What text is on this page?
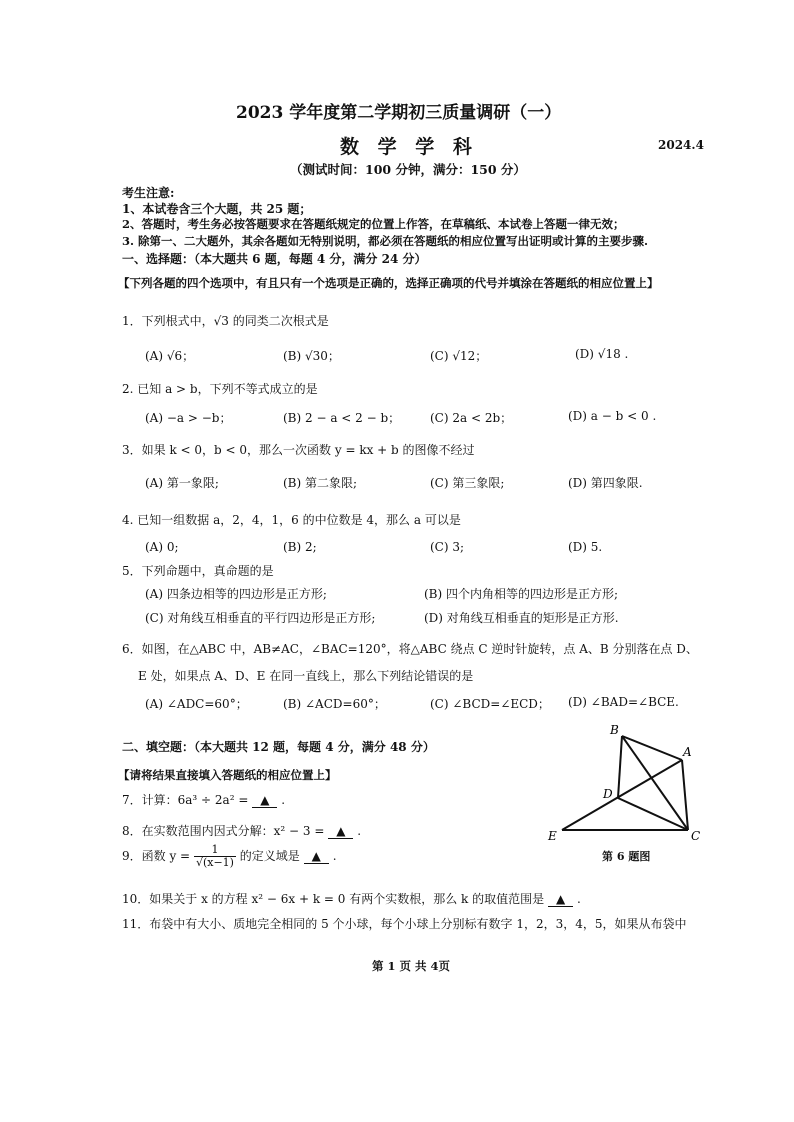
2023 学年度第二学期初三质量调研（一）
数 学 学 科	2024.4
（测试时间：100 分钟，满分：150 分）
考生注意:
1、本试卷含三个大题，共 25 题；
2、答题时，考生务必按答题要求在答题纸规定的位置上作答，在草稿纸、本试卷上答题一律无效；
3. 除第一、二大题外，其余各题如无特别说明，都必须在答题纸的相应位置写出证明或计算的主要步骤.
一、选择题：（本大题共 6 题，每题 4 分，满分 24 分）
【下列各题的四个选项中，有且只有一个选项是正确的，选择正确项的代号并填涂在答题纸的相应位置上】
1．下列根式中，√3 的同类二次根式是
(A) √6；	(B) √30；	(C) √12；	(D) √18 .
2. 已知 a > b，下列不等式成立的是
(A) −a > −b；	(B) 2 − a < 2 − b； (C) 2a < 2b；	(D) a − b < 0 .
3．如果 k < 0，b < 0，那么一次函数 y = kx + b 的图像不经过
(A) 第一象限;	(B) 第二象限;	(C) 第三象限;	(D) 第四象限.
4. 已知一组数据 a，2，4，1，6 的中位数是 4，那么 a 可以是
(A) 0;	(B) 2;	(C) 3;	(D) 5.
5．下列命题中，真命题的是
(A) 四条边相等的四边形是正方形;	(B) 四个内角相等的四边形是正方形;
(C) 对角线互相垂直的平行四边形是正方形;	(D) 对角线互相垂直的矩形是正方形.
6．如图，在△ABC 中，AB≠AC，∠BAC=120°，将△ABC 绕点 C 逆时针旋转，点 A、B 分别落在点 D、
E 处，如果点 A、D、E 在同一直线上，那么下列结论错误的是
(A) ∠ADC=60°；	(B) ∠ACD=60°；	(C) ∠BCD=∠ECD； (D) ∠BAD=∠BCE.
二、填空题：（本大题共 12 题，每题 4 分，满分 48 分）
【请将结果直接填入答题纸的相应位置上】
7．计算：6a³ ÷ 2a² = ▲ .
8．在实数范围内因式分解：x² − 3 = ▲ .
9．函数 $y = \frac{1}{√(x-1)}$ 的定义域是 ▲ .
10．如果关于 x 的方程 x² − 6x + k = 0 有两个实数根，那么 k 的取值范围是 ▲ .
11．布袋中有大小、质地完全相同的 5 个小球，每个小球上分别标有数字 1，2，3，4，5，如果从布袋中
B
A
D
E	C
第 6 题图
第 1 页 共 4页
